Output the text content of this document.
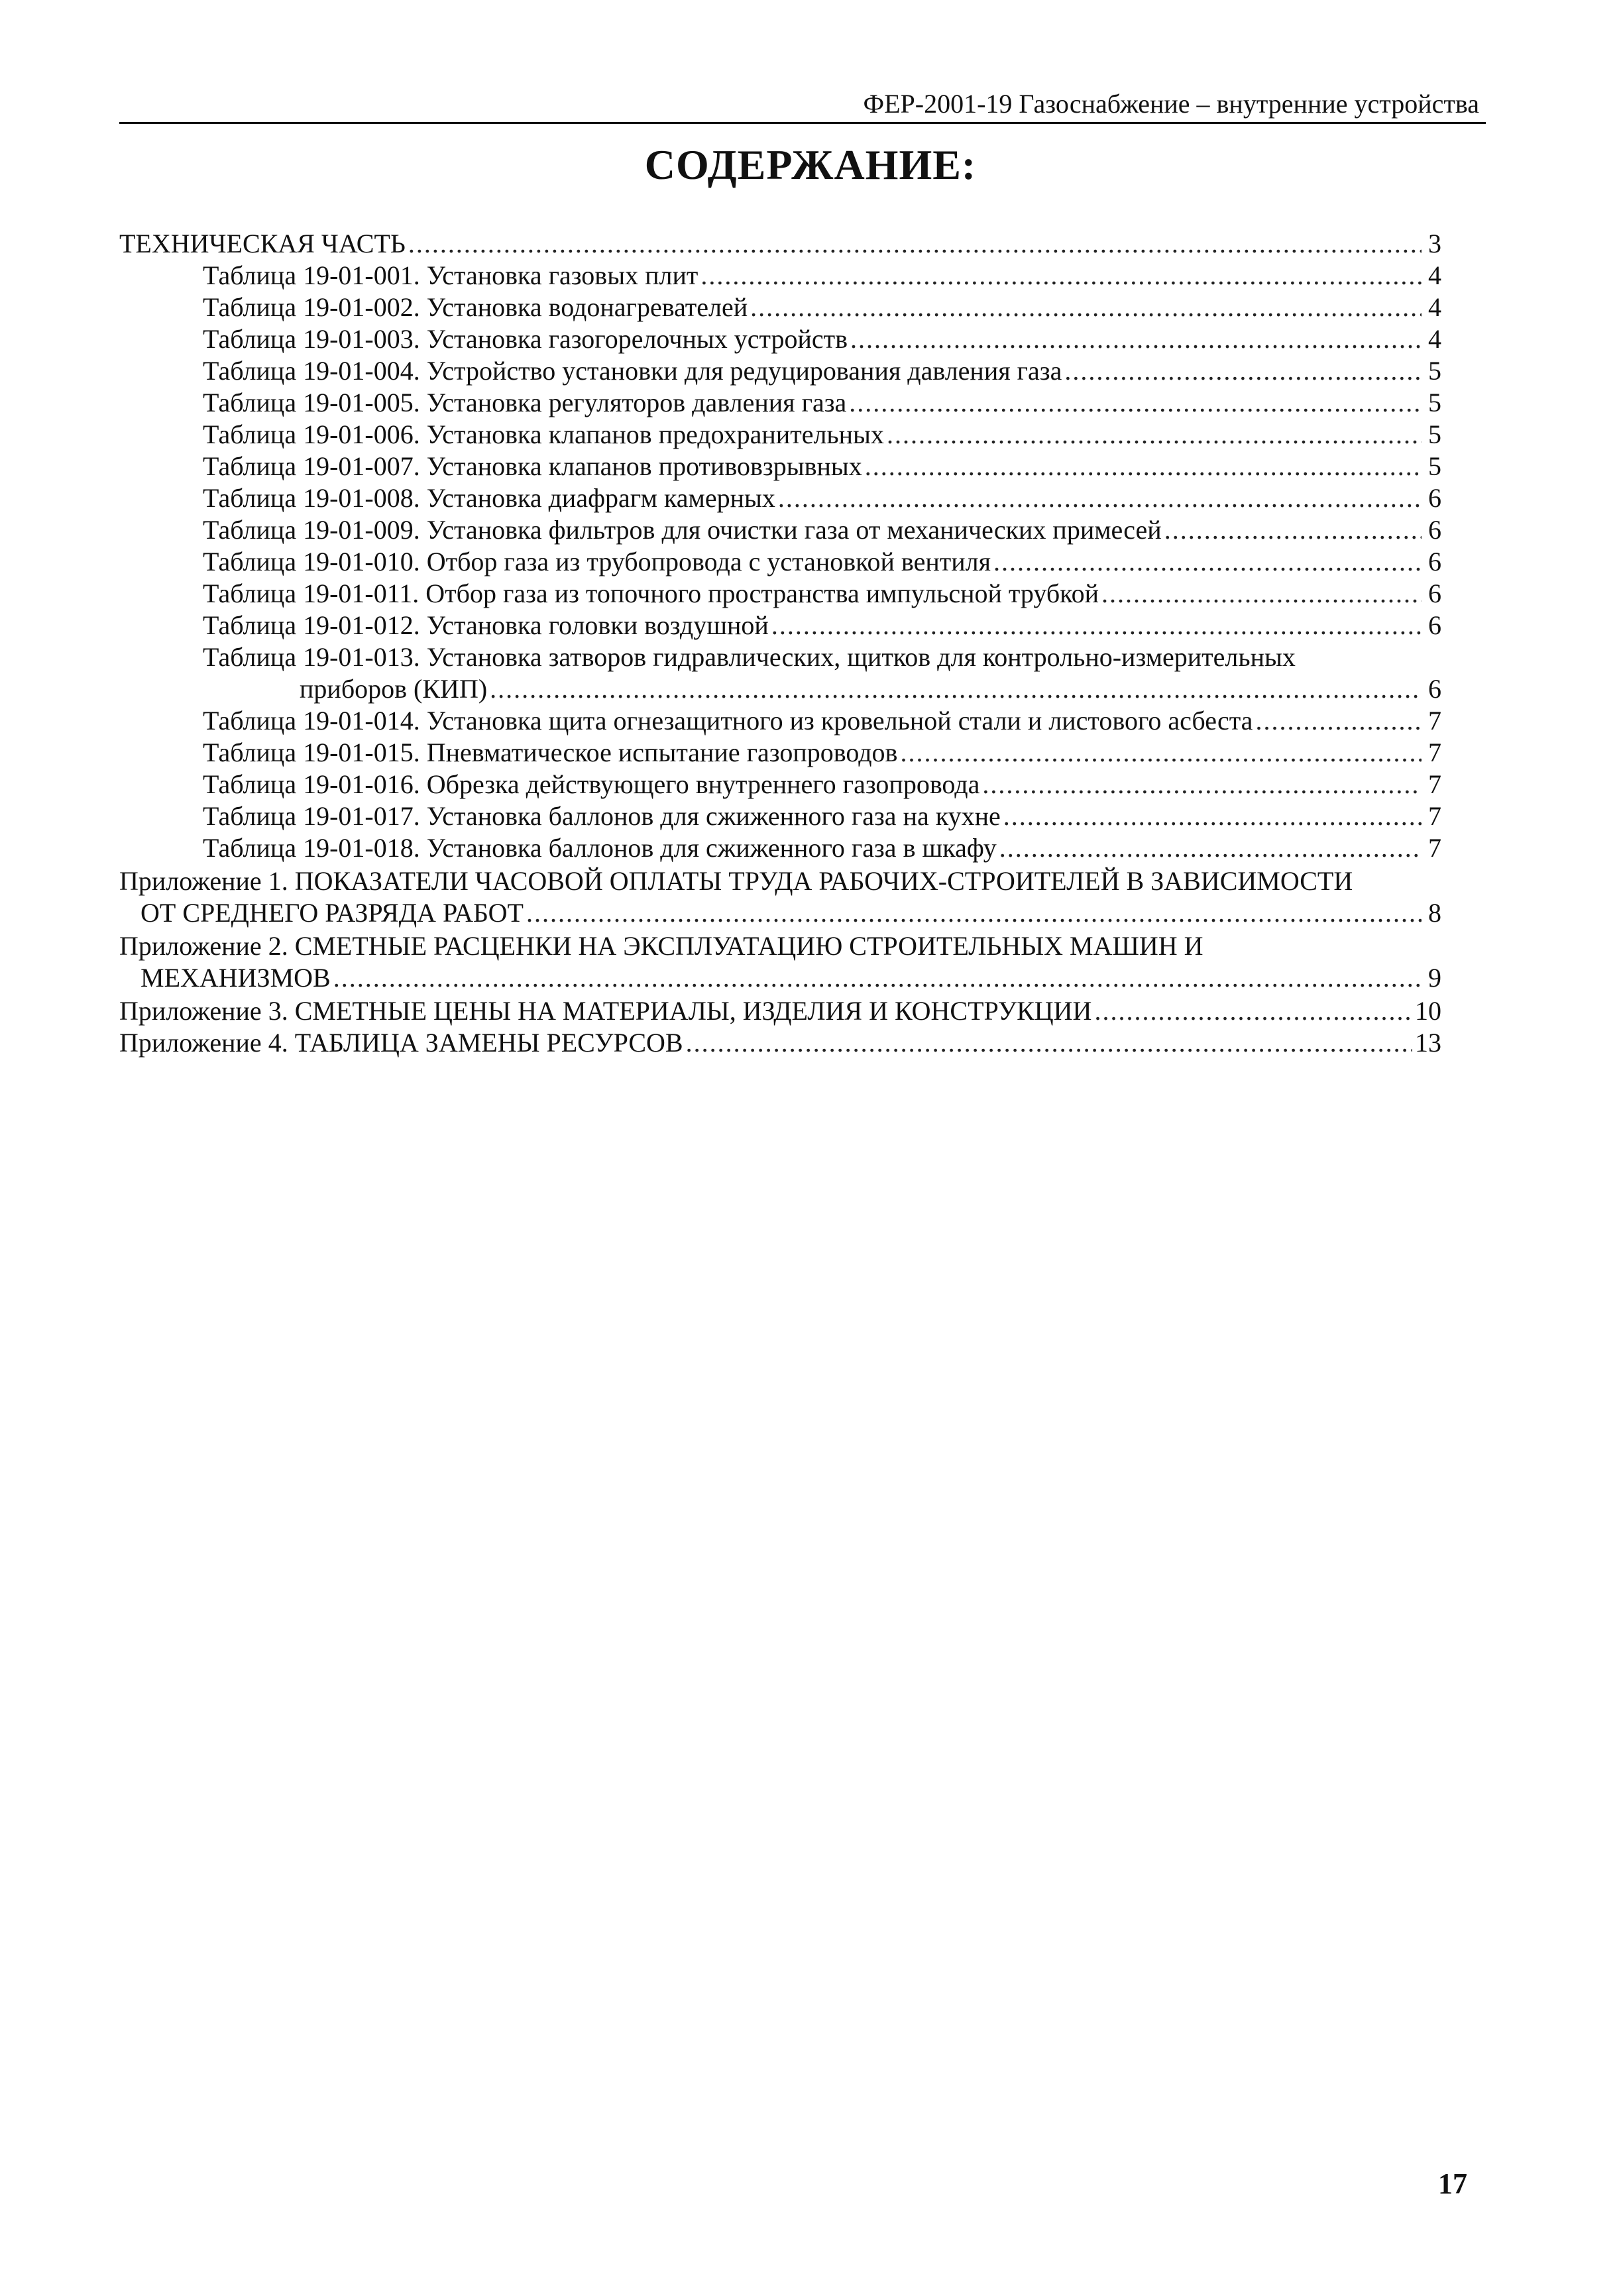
ФЕР-2001-19 Газоснабжение – внутренние устройства
СОДЕРЖАНИЕ:
ТЕХНИЧЕСКАЯ ЧАСТЬ .....	3
Таблица 19-01-001. Установка газовых плит .....	4
Таблица 19-01-002. Установка водонагревателей .....	4
Таблица 19-01-003. Установка газогорелочных устройств .....	4
Таблица 19-01-004. Устройство установки для редуцирования давления газа .....	5
Таблица 19-01-005. Установка регуляторов давления газа .....	5
Таблица 19-01-006. Установка клапанов предохранительных .....	5
Таблица 19-01-007. Установка клапанов противовзрывных .....	5
Таблица 19-01-008. Установка диафрагм камерных .....	6
Таблица 19-01-009. Установка фильтров для очистки газа от механических примесей .....	6
Таблица 19-01-010. Отбор газа из трубопровода с установкой вентиля .....	6
Таблица 19-01-011. Отбор газа из топочного пространства импульсной трубкой .....	6
Таблица 19-01-012. Установка головки воздушной .....	6
Таблица 19-01-013. Установка затворов гидравлических, щитков для контрольно-измерительных
приборов (КИП) .....	6
Таблица 19-01-014. Установка щита огнезащитного из кровельной стали и листового асбеста .....	7
Таблица 19-01-015. Пневматическое испытание газопроводов .....	7
Таблица 19-01-016. Обрезка действующего внутреннего газопровода .....	7
Таблица 19-01-017. Установка баллонов для сжиженного газа на кухне .....	7
Таблица 19-01-018. Установка баллонов для сжиженного газа в шкафу .....	7
Приложение 1. ПОКАЗАТЕЛИ ЧАСОВОЙ ОПЛАТЫ ТРУДА РАБОЧИХ-СТРОИТЕЛЕЙ В ЗАВИСИМОСТИ
ОТ СРЕДНЕГО РАЗРЯДА РАБОТ .....	8
Приложение 2. СМЕТНЫЕ РАСЦЕНКИ НА ЭКСПЛУАТАЦИЮ СТРОИТЕЛЬНЫХ МАШИН И
МЕХАНИЗМОВ .....	9
Приложение 3. СМЕТНЫЕ ЦЕНЫ НА МАТЕРИАЛЫ, ИЗДЕЛИЯ И КОНСТРУКЦИИ .....	10
Приложение 4. ТАБЛИЦА ЗАМЕНЫ РЕСУРСОВ .....	13
17
